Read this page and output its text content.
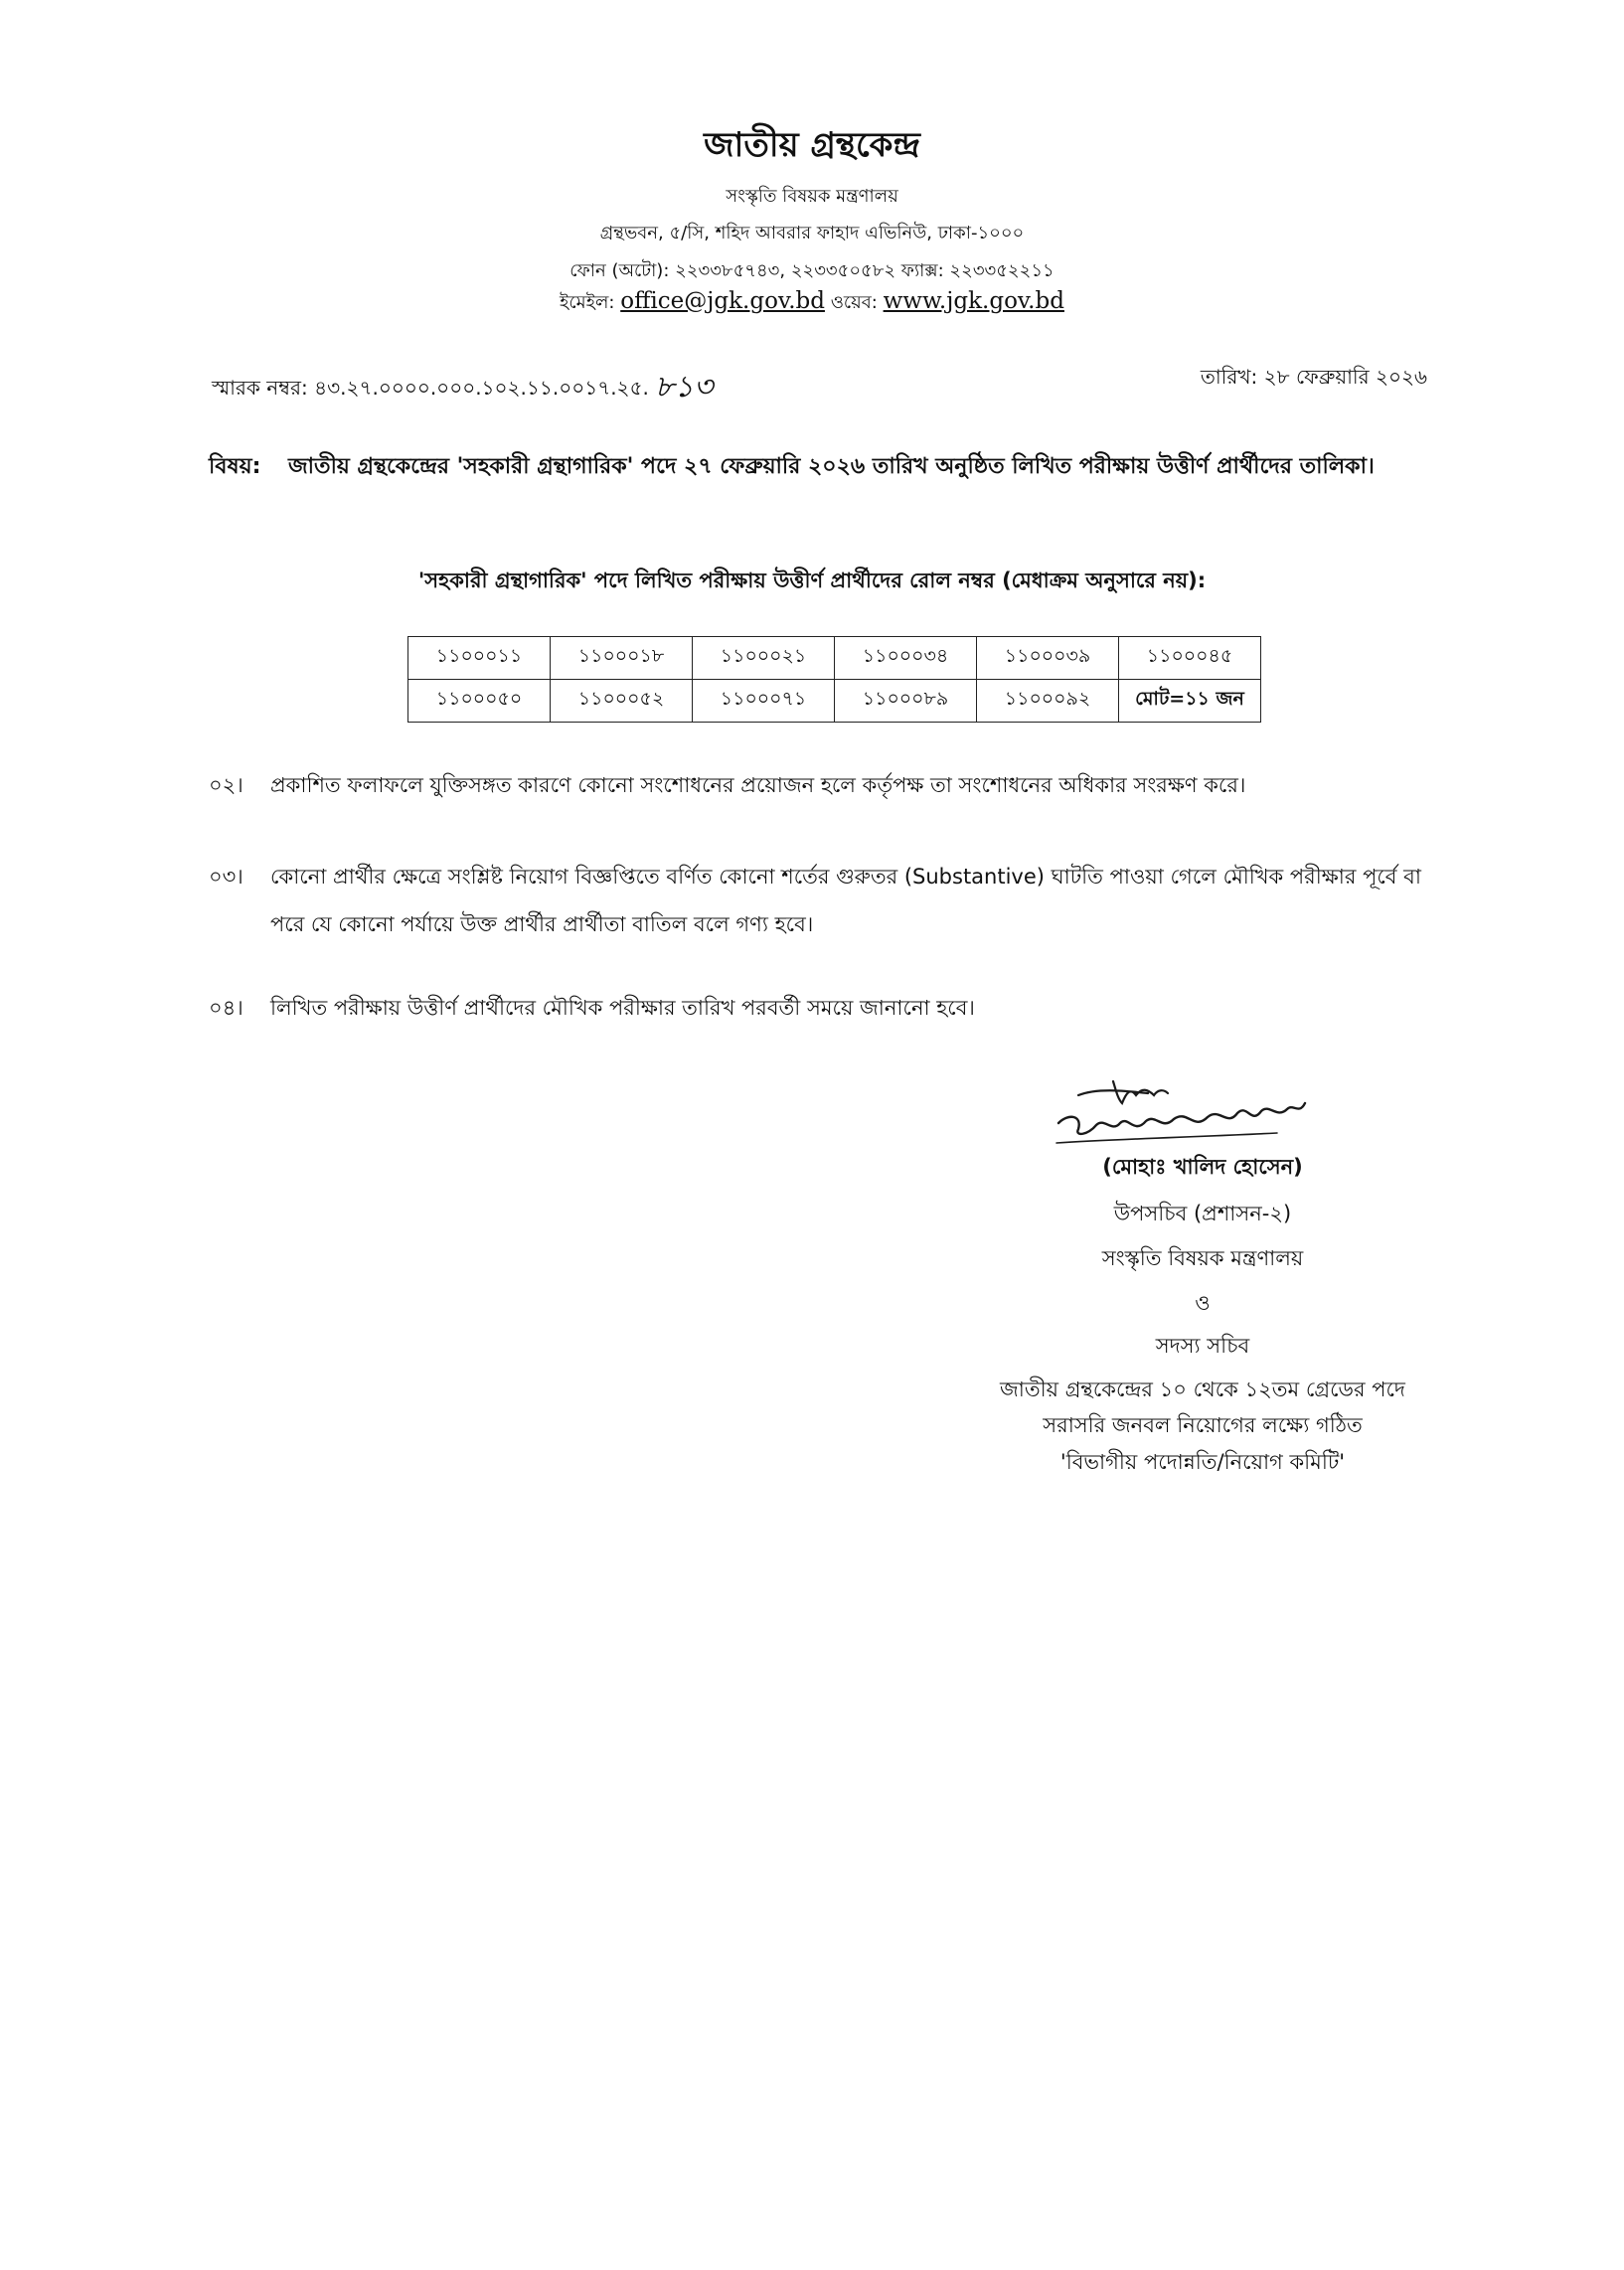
জাতীয় গ্রন্থকেন্দ্র
সংস্কৃতি বিষয়ক মন্ত্রণালয়
গ্রন্থভবন, ৫/সি, শহিদ আবরার ফাহাদ এভিনিউ, ঢাকা-১০০০
ফোন (অটো): ২২৩৩৮৫৭৪৩, ২২৩৩৫০৫৮২ ফ্যাক্স: ২২৩৩৫২২১১
ইমেইল: office@jgk.gov.bd ওয়েব: www.jgk.gov.bd
স্মারক নম্বর: ৪৩.২৭.০০০০.০০০.১০২.১১.০০১৭.২৫. ৮১৩	তারিখ: ২৮ ফেব্রুয়ারি ২০২৬
বিষয়: জাতীয় গ্রন্থকেন্দ্রের 'সহকারী গ্রন্থাগারিক' পদে ২৭ ফেব্রুয়ারি ২০২৬ তারিখ অনুষ্ঠিত লিখিত পরীক্ষায় উত্তীর্ণ প্রার্থীদের তালিকা।
'সহকারী গ্রন্থাগারিক' পদে লিখিত পরীক্ষায় উত্তীর্ণ প্রার্থীদের রোল নম্বর (মেধাক্রম অনুসারে নয়):
১১০০০১১	১১০০০১৮	১১০০০২১	১১০০০৩৪	১১০০০৩৯	১১০০০৪৫
১১০০০৫০	১১০০০৫২	১১০০০৭১	১১০০০৮৯	১১০০০৯২	মোট=১১ জন
০২। প্রকাশিত ফলাফলে যুক্তিসঙ্গত কারণে কোনো সংশোধনের প্রয়োজন হলে কর্তৃপক্ষ তা সংশোধনের অধিকার সংরক্ষণ করে।
০৩। কোনো প্রার্থীর ক্ষেত্রে সংশ্লিষ্ট নিয়োগ বিজ্ঞপ্তিতে বর্ণিত কোনো শর্তের গুরুতর (Substantive) ঘাটতি পাওয়া গেলে মৌখিক পরীক্ষার পূর্বে বা পরে যে কোনো পর্যায়ে উক্ত প্রার্থীর প্রার্থীতা বাতিল বলে গণ্য হবে।
০৪। লিখিত পরীক্ষায় উত্তীর্ণ প্রার্থীদের মৌখিক পরীক্ষার তারিখ পরবর্তী সময়ে জানানো হবে।
(মোহাঃ খালিদ হোসেন)
উপসচিব (প্রশাসন-২)
সংস্কৃতি বিষয়ক মন্ত্রণালয়
ও
সদস্য সচিব
জাতীয় গ্রন্থকেন্দ্রের ১০ থেকে ১২তম গ্রেডের পদে
সরাসরি জনবল নিয়োগের লক্ষ্যে গঠিত
'বিভাগীয় পদোন্নতি/নিয়োগ কমিটি'
